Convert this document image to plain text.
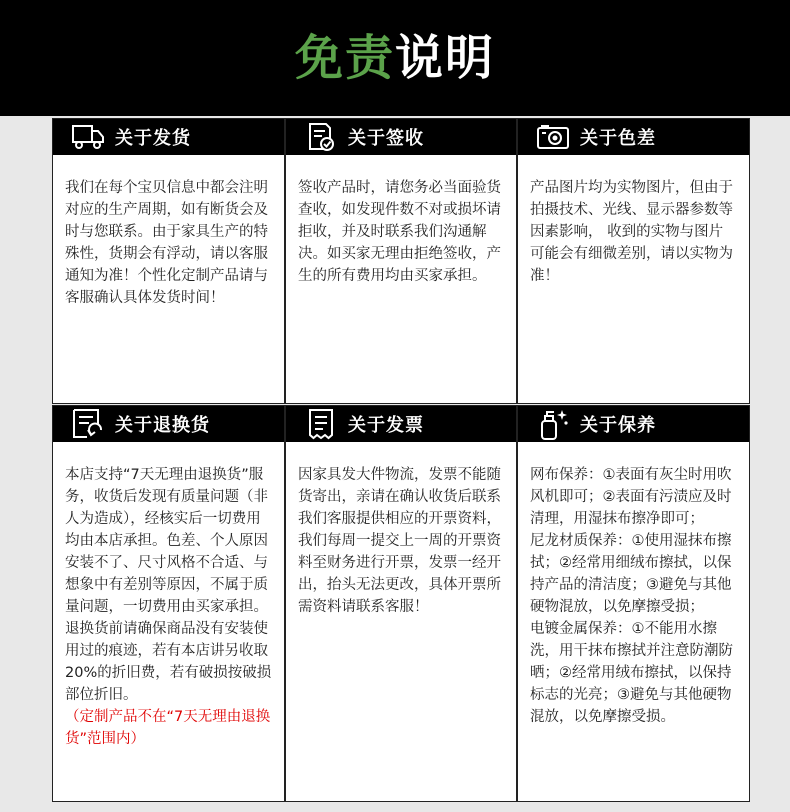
免责说明
关于发货

我们在每个宝贝信息中都会注明对应的生产周期，如有断货会及时与您联系。由于家具生产的特殊性，货期会有浮动，请以客服通知为准！个性化定制产品请与客服确认具体发货时间！

关于签收

签收产品时，请您务必当面验货查收，如发现件数不对或损坏请拒收，并及时联系我们沟通解决。如买家无理由拒绝签收，产生的所有费用均由买家承担。

关于色差

产品图片均为实物图片，但由于拍摄技术、光线、显示器参数等因素影响， 收到的实物与图片可能会有细微差别，请以实物为准！

关于退换货

本店支持“7天无理由退换货”服务，收货后发现有质量问题（非人为造成），经核实后一切费用均由本店承担。色差、个人原因安装不了、尺寸风格不合适、与想象中有差别等原因，不属于质量问题，一切费用由买家承担。退换货前请确保商品没有安装使用过的痕迹，若有本店讲另收取20%的折旧费，若有破损按破损部位折旧。

（定制产品不在“7天无理由退换货”范围内）

关于发票

因家具发大件物流，发票不能随货寄出，亲请在确认收货后联系我们客服提供相应的开票资料，我们每周一提交上一周的开票资料至财务进行开票，发票一经开出，抬头无法更改，具体开票所需资料请联系客服！

关于保养

网布保养：①表面有灰尘时用吹风机即可；②表面有污渍应及时清理，用湿抹布擦净即可；

尼龙材质保养：①使用湿抹布擦拭；②经常用细绒布擦拭，以保持产品的清洁度；③避免与其他硬物混放，以免摩擦受损；

电镀金属保养：①不能用水擦洗，用干抹布擦拭并注意防潮防晒；②经常用绒布擦拭，以保持标志的光亮；③避免与其他硬物混放，以免摩擦受损。
